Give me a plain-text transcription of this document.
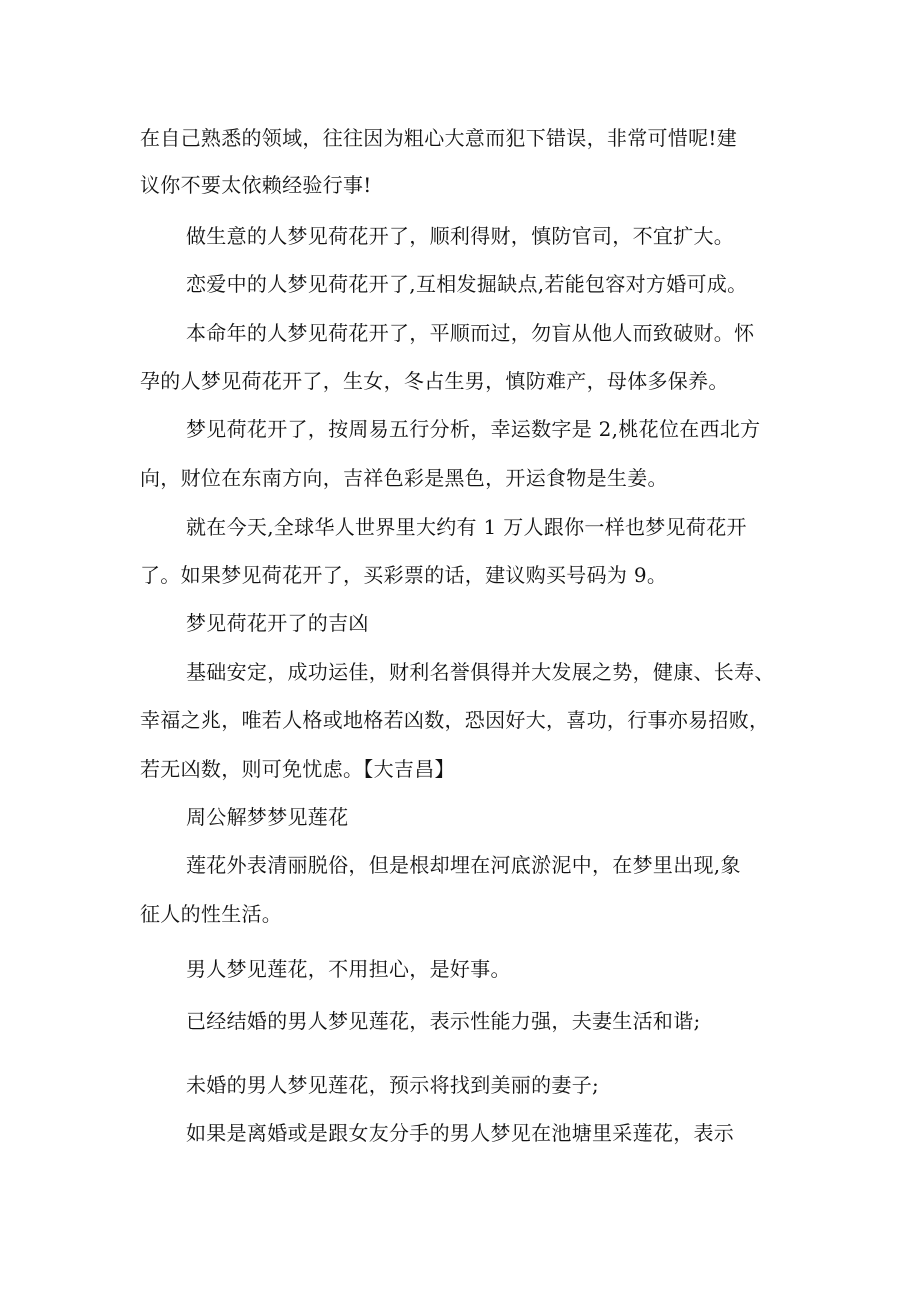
在自己熟悉的领域，往往因为粗心大意而犯下错误，非常可惜呢!建
议你不要太依赖经验行事!
做生意的人梦见荷花开了，顺利得财，慎防官司，不宜扩大。
恋爱中的人梦见荷花开了,互相发掘缺点,若能包容对方婚可成。
本命年的人梦见荷花开了，平顺而过，勿盲从他人而致破财。怀
孕的人梦见荷花开了，生女，冬占生男，慎防难产，母体多保养。
梦见荷花开了，按周易五行分析，幸运数字是 2,桃花位在西北方
向，财位在东南方向，吉祥色彩是黑色，开运食物是生姜。
就在今天,全球华人世界里大约有 1 万人跟你一样也梦见荷花开
了。如果梦见荷花开了，买彩票的话，建议购买号码为 9。
梦见荷花开了的吉凶
基础安定，成功运佳，财利名誉俱得并大发展之势，健康、长寿、
幸福之兆，唯若人格或地格若凶数，恐因好大，喜功，行事亦易招败，
若无凶数，则可免忧虑。【大吉昌】
周公解梦梦见莲花
莲花外表清丽脱俗，但是根却埋在河底淤泥中，在梦里出现,象
征人的性生活。
男人梦见莲花，不用担心，是好事。
已经结婚的男人梦见莲花，表示性能力强，夫妻生活和谐;
未婚的男人梦见莲花，预示将找到美丽的妻子;
如果是离婚或是跟女友分手的男人梦见在池塘里采莲花，表示
